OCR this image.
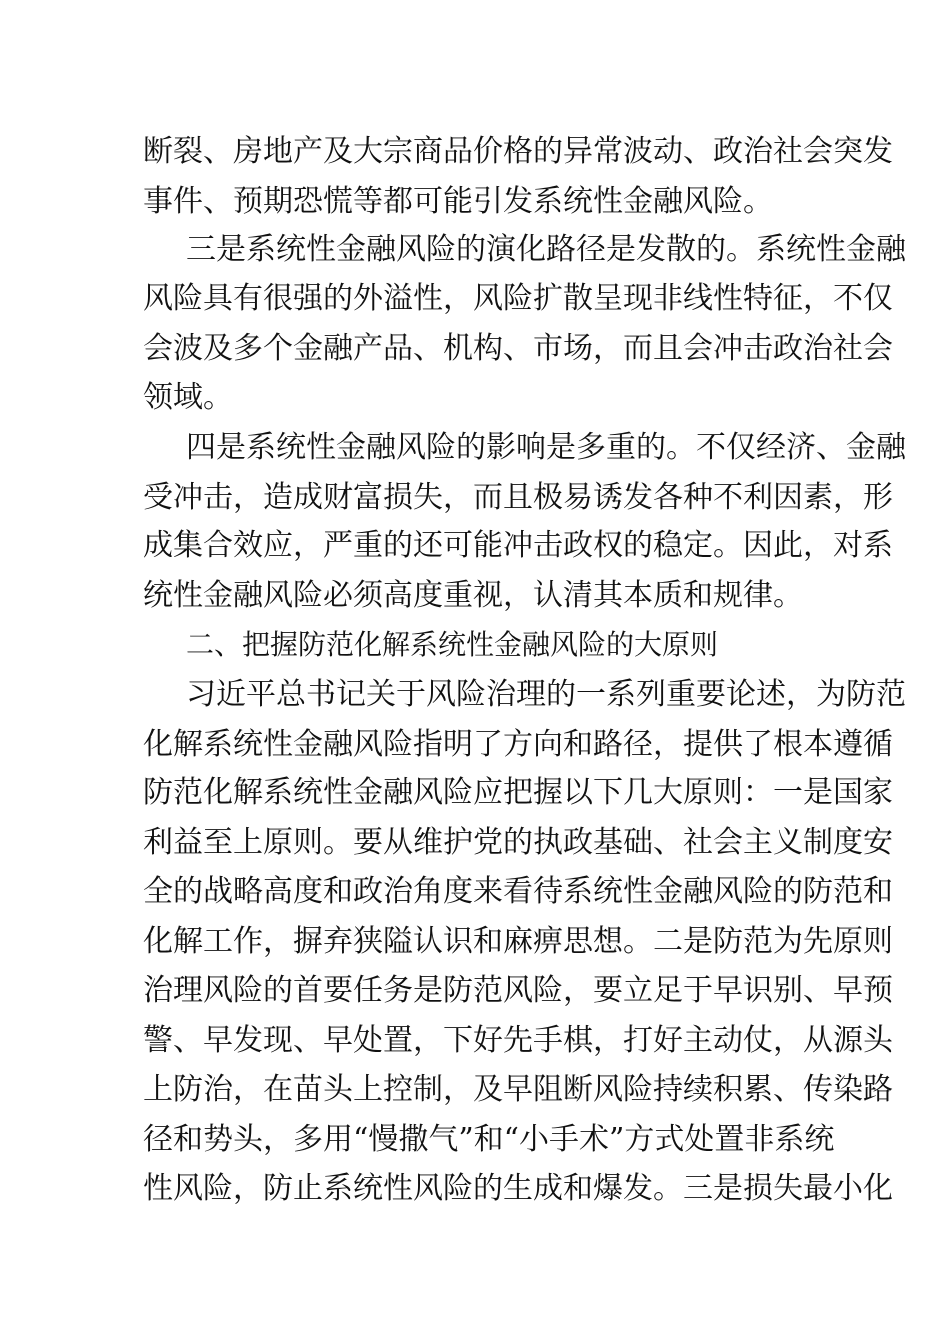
断裂、房地产及大宗商品价格的异常波动、政治社会突发
事件、预期恐慌等都可能引发系统性金融风险。
三是系统性金融风险的演化路径是发散的。系统性金融
风险具有很强的外溢性，风险扩散呈现非线性特征，不仅
会波及多个金融产品、机构、市场，而且会冲击政治社会
领域。
四是系统性金融风险的影响是多重的。不仅经济、金融
受冲击，造成财富损失，而且极易诱发各种不利因素，形
成集合效应，严重的还可能冲击政权的稳定。因此，对系
统性金融风险必须高度重视，认清其本质和规律。
二、把握防范化解系统性金融风险的大原则
习近平总书记关于风险治理的一系列重要论述，为防范
化解系统性金融风险指明了方向和路径，提供了根本遵循
防范化解系统性金融风险应把握以下几大原则：一是国家
利益至上原则。要从维护党的执政基础、社会主义制度安
全的战略高度和政治角度来看待系统性金融风险的防范和
化解工作，摒弃狭隘认识和麻痹思想。二是防范为先原则
治理风险的首要任务是防范风险，要立足于早识别、早预
警、早发现、早处置，下好先手棋，打好主动仗，从源头
上防治，在苗头上控制，及早阻断风险持续积累、传染路
径和势头，多用“慢撒气”和“小手术”方式处置非系统
性风险，防止系统性风险的生成和爆发。三是损失最小化
